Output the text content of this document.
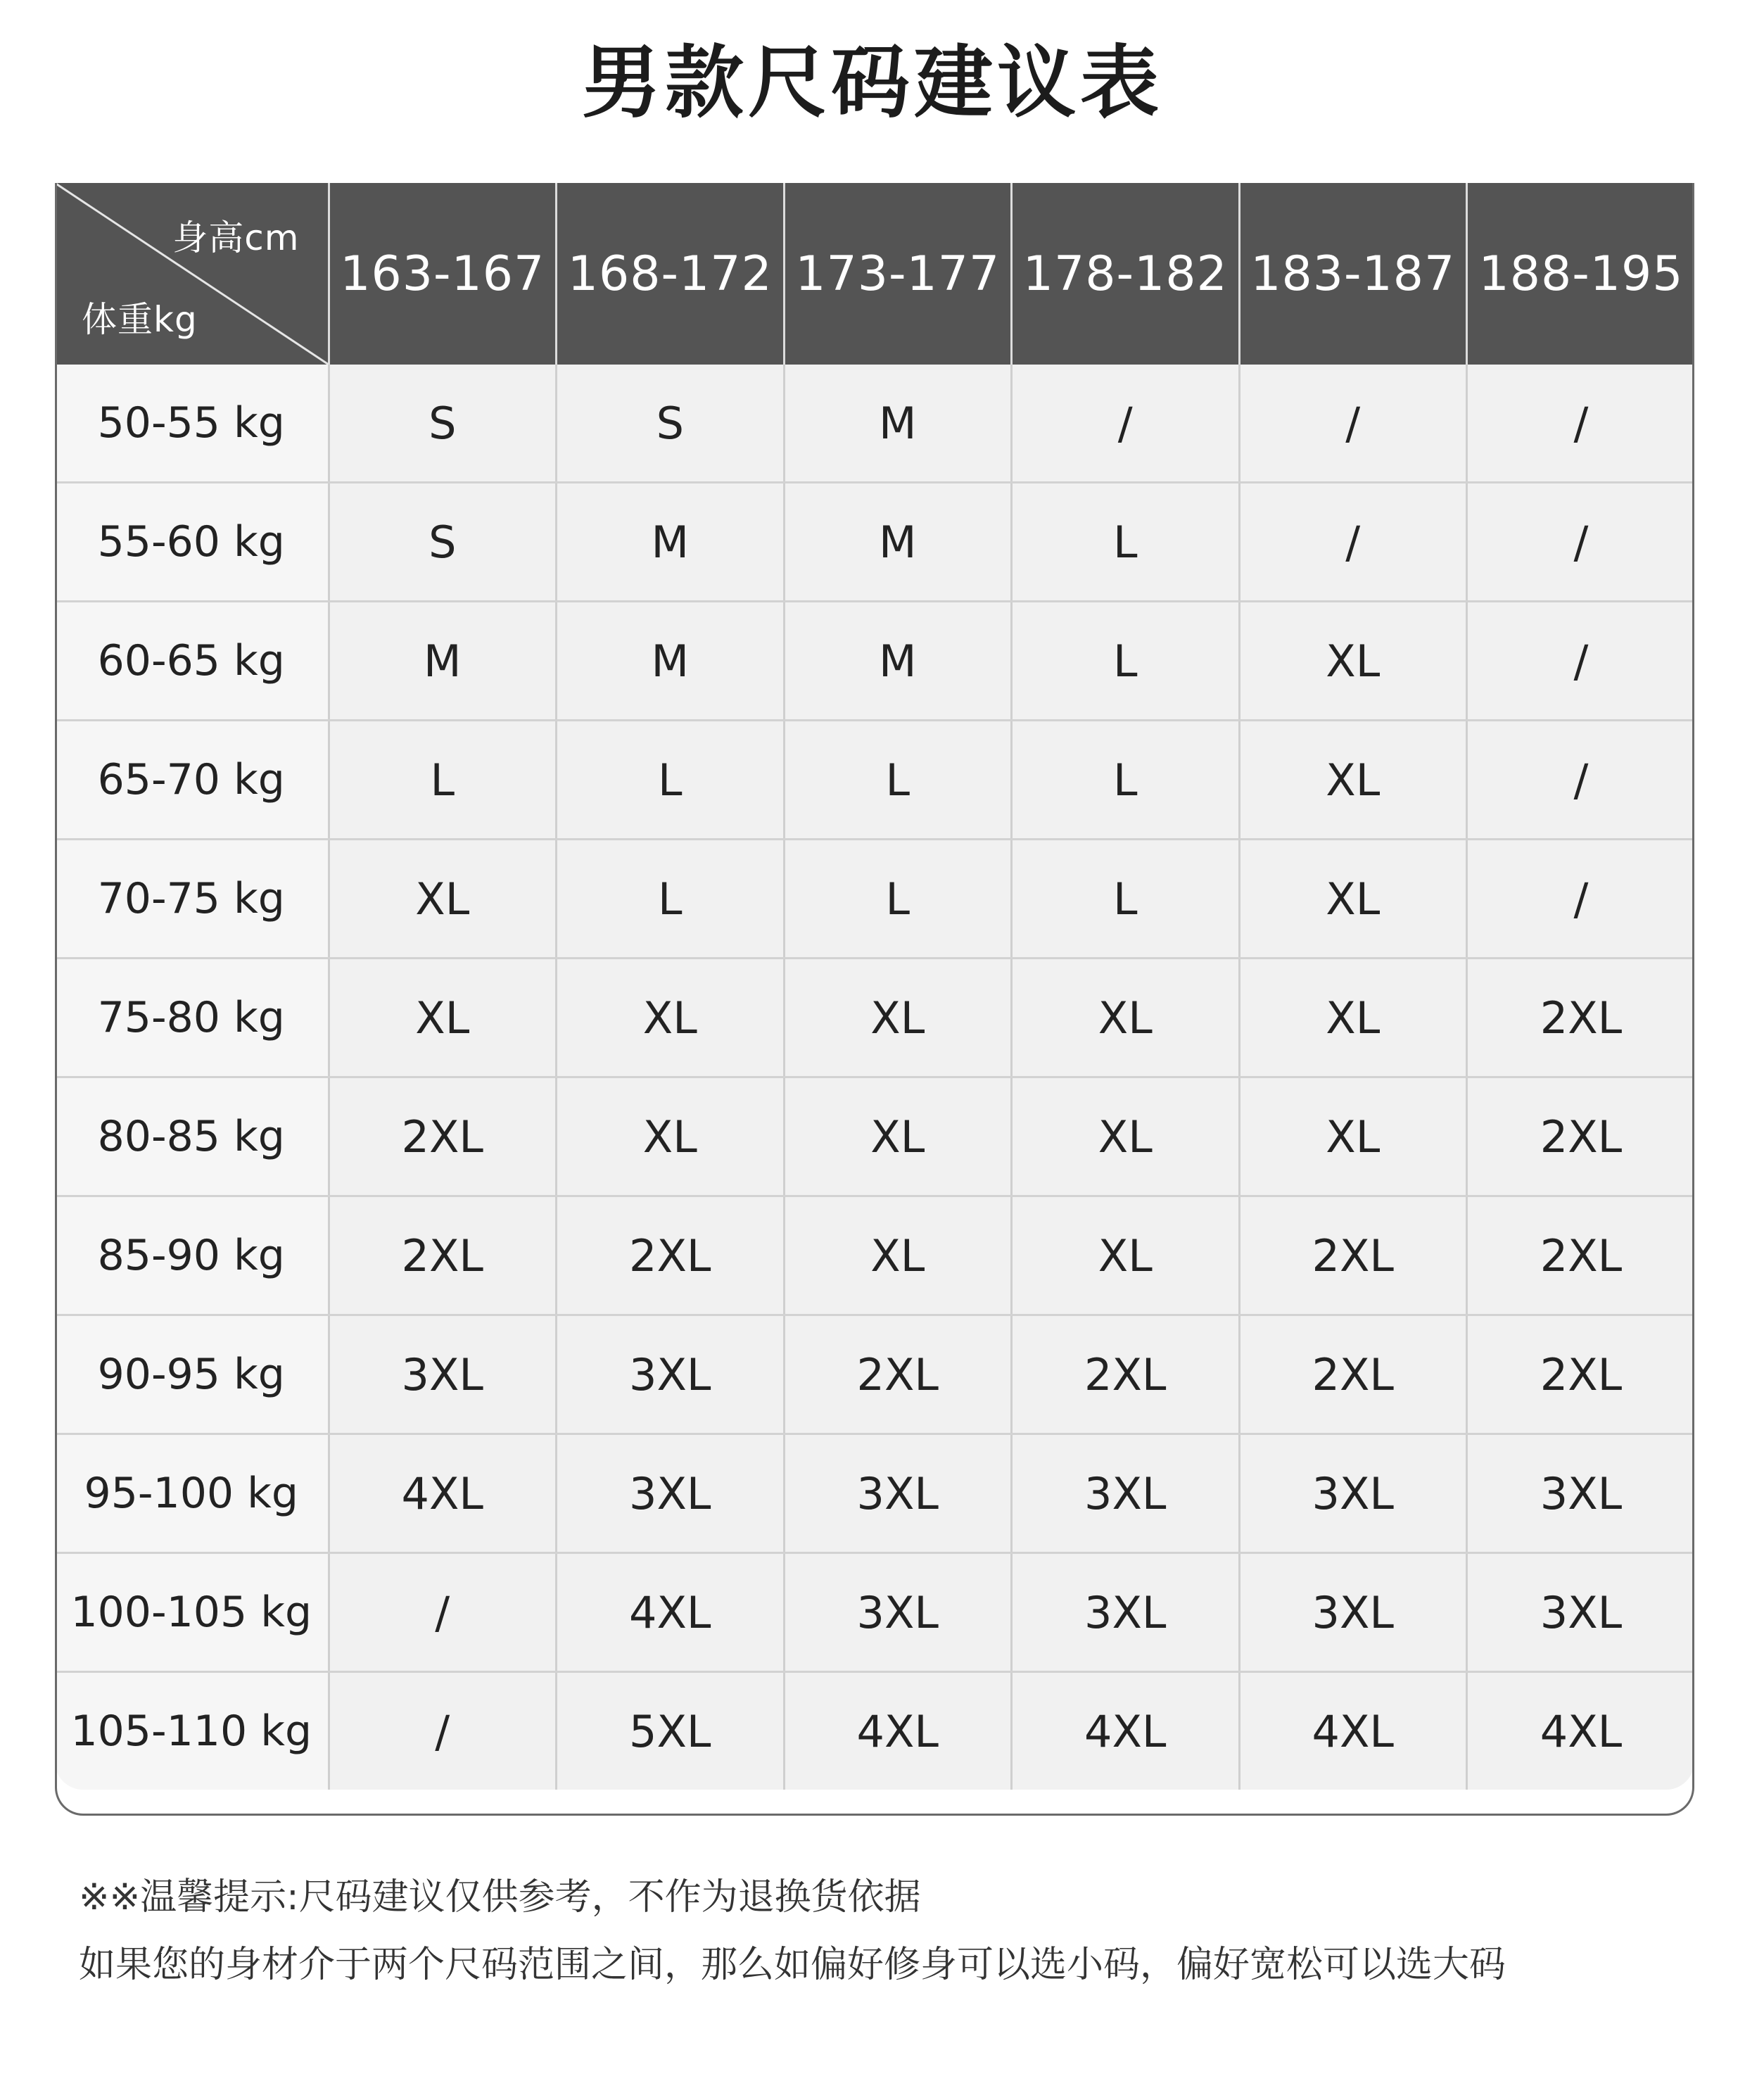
男款尺码建议表
身高cm
体重kg	163-167	168-172	173-177	178-182	183-187	188-195
50-55 kg	S	S	M	/	/	/
55-60 kg	S	M	M	L	/	/
60-65 kg	M	M	M	L	XL	/
65-70 kg	L	L	L	L	XL	/
70-75 kg	XL	L	L	L	XL	/
75-80 kg	XL	XL	XL	XL	XL	2XL
80-85 kg	2XL	XL	XL	XL	XL	2XL
85-90 kg	2XL	2XL	XL	XL	2XL	2XL
90-95 kg	3XL	3XL	2XL	2XL	2XL	2XL
95-100 kg	4XL	3XL	3XL	3XL	3XL	3XL
100-105 kg	/	4XL	3XL	3XL	3XL	3XL
105-110 kg	/	5XL	4XL	4XL	4XL	4XL

※※温馨提示:尺码建议仅供参考，不作为退换货依据

如果您的身材介于两个尺码范围之间，那么如偏好修身可以选小码，偏好宽松可以选大码
